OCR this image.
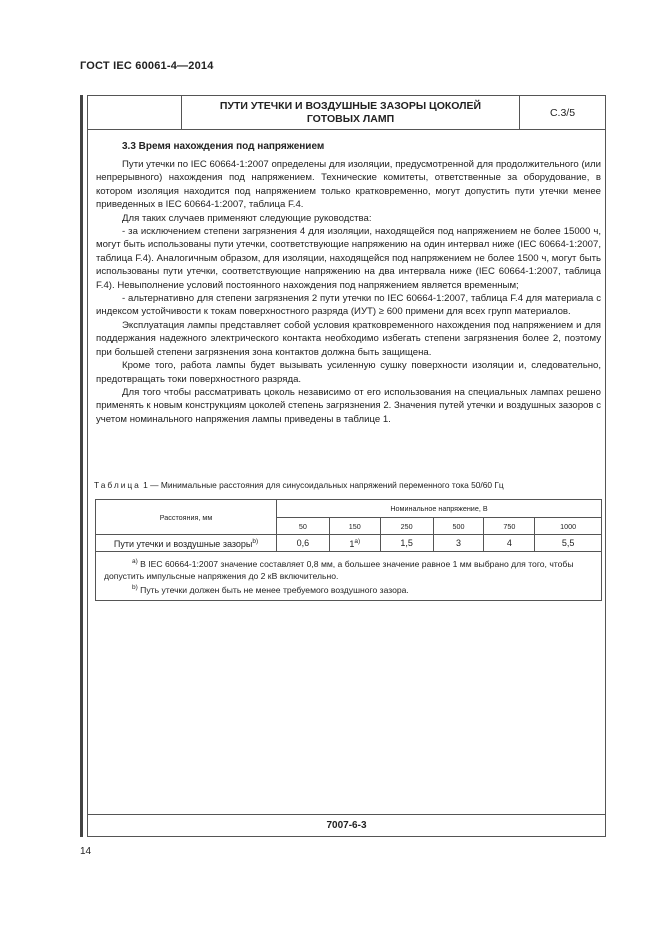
ГОСТ IEC 60061-4—2014
ПУТИ УТЕЧКИ И ВОЗДУШНЫЕ ЗАЗОРЫ ЦОКОЛЕЙ ГОТОВЫХ ЛАМП	C.3/5
3.3 Время нахождения под напряжением

Пути утечки по IEC 60664-1:2007 определены для изоляции, предусмотренной для продолжительного (или непрерывного) нахождения под напряжением. Технические комитеты, ответственные за оборудование, в котором изоляция находится под напряжением только кратковременно, могут допустить пути утечки менее приведенных в IEC 60664-1:2007, таблица F.4.

Для таких случаев применяют следующие руководства:

- за исключением степени загрязнения 4 для изоляции, находящейся под напряжением не более 15000 ч, могут быть использованы пути утечки, соответствующие напряжению на один интервал ниже (IEC 60664-1:2007, таблица F.4). Аналогичным образом, для изоляции, находящейся под напряжением не более 1500 ч, могут быть использованы пути утечки, соответствующие напряжению на два интервала ниже (IEC 60664-1:2007, таблица F.4). Невыполнение условий постоянного нахождения под напряжением является временным;

- альтернативно для степени загрязнения 2 пути утечки по IEC 60664-1:2007, таблица F.4 для материала с индексом устойчивости к токам поверхностного разряда (ИУТ) ≥ 600 примени для всех групп материалов.

Эксплуатация лампы представляет собой условия кратковременного нахождения под напряжением и для поддержания надежного электрического контакта необходимо избегать степени загрязнения более 2, поэтому при большей степени загрязнения зона контактов должна быть защищена.

Кроме того, работа лампы будет вызывать усиленную сушку поверхности изоляции и, следовательно, предотвращать токи поверхностного разряда.

Для того чтобы рассматривать цоколь независимо от его использования на специальных лампах решено применять к новым конструкциям цоколей степень загрязнения 2. Значения путей утечки и воздушных зазоров с учетом номинального напряжения лампы приведены в таблице 1.

Таблица 1 — Минимальные расстояния для синусоидальных напряжений переменного тока 50/60 Гц
Расстояния, мм	Номинальное напряжение, В					
	50	150	250	500	750	1000
Пути утечки и воздушные зазоры$^{b)}$	0,6	1$^{a)}$	1,5	3	4	5,5

$^{a)}$ В IEC 60664-1:2007 значение составляет 0,8 мм, а большее значение равное 1 мм выбрано для того, чтобы допустить импульсные напряжения до 2 кВ включительно.
$^{b)}$ Путь утечки должен быть не менее требуемого воздушного зазора.						
7007-6-3
14
